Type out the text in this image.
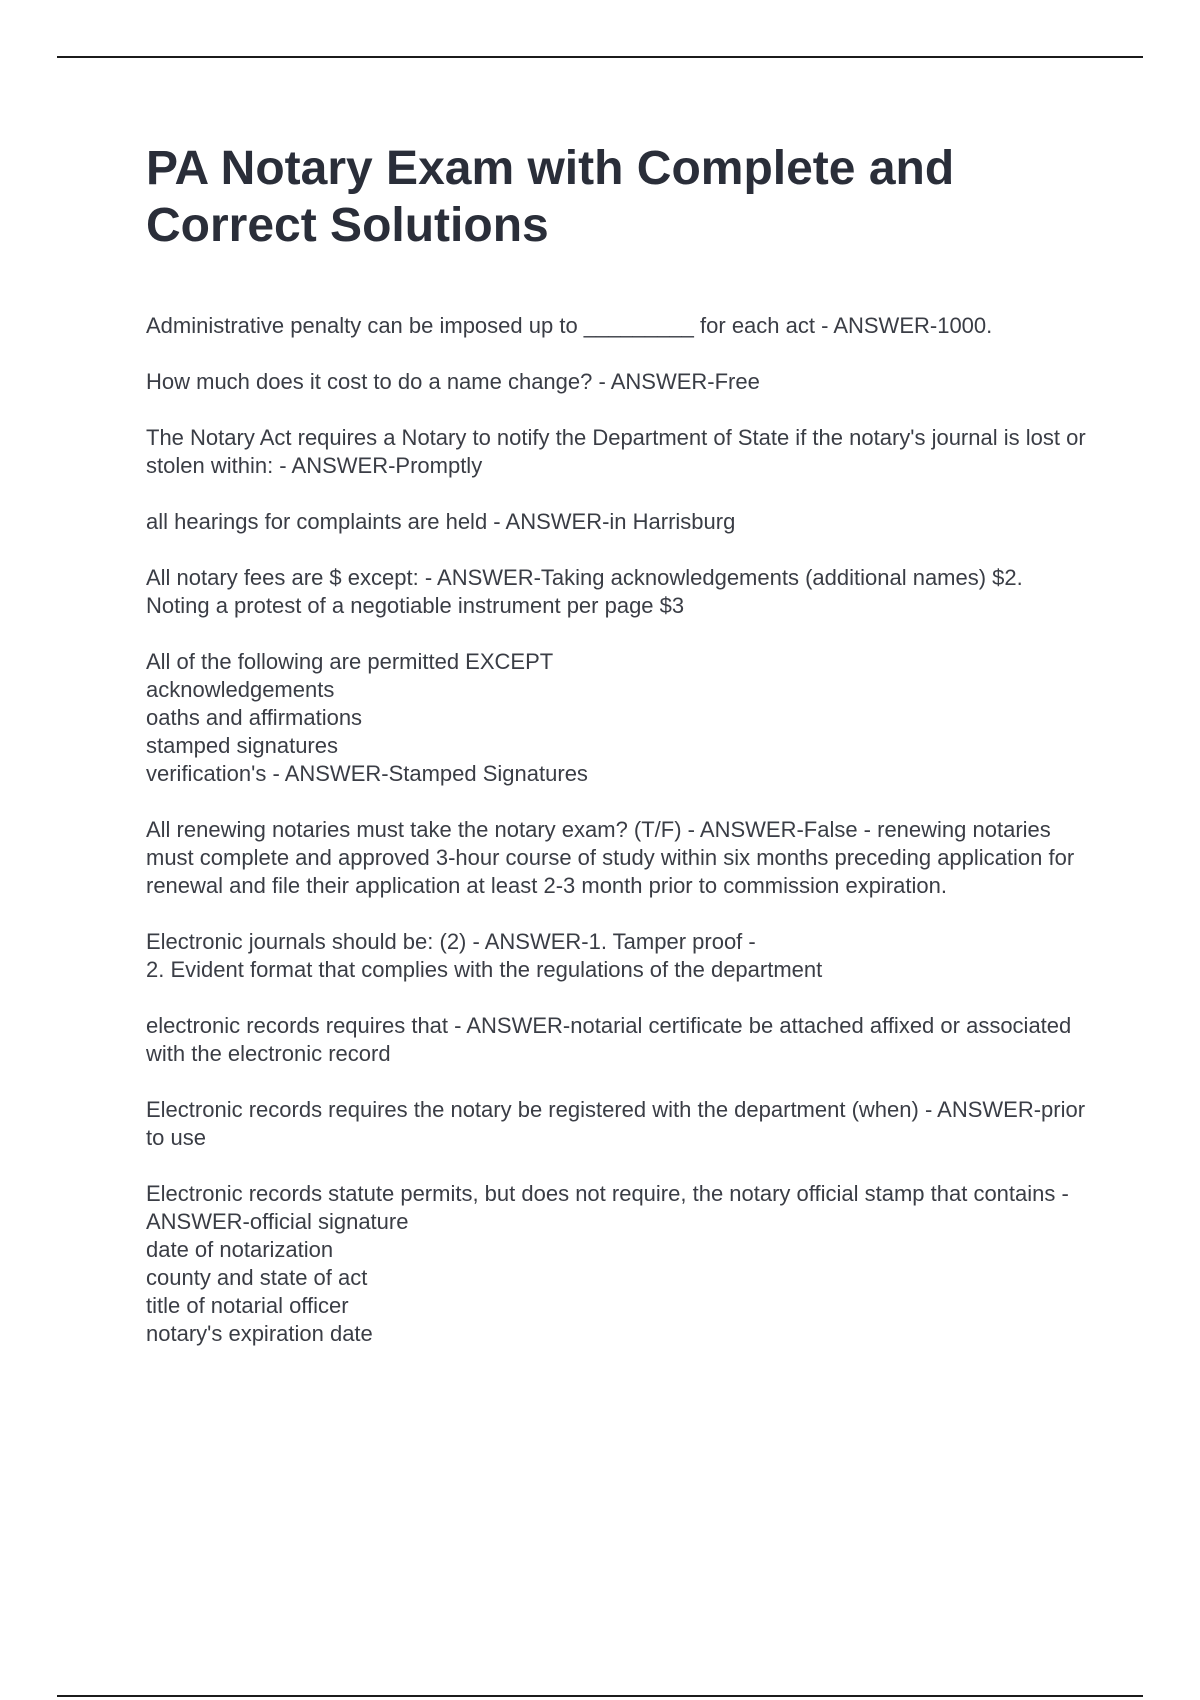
PA Notary Exam with Complete and Correct Solutions

Administrative penalty can be imposed up to _________ for each act - ANSWER-1000.

How much does it cost to do a name change? - ANSWER-Free

The Notary Act requires a Notary to notify the Department of State if the notary's journal is lost or stolen within: - ANSWER-Promptly

all hearings for complaints are held - ANSWER-in Harrisburg

All notary fees are $ except: - ANSWER-Taking acknowledgements (additional names) $2.
Noting a protest of a negotiable instrument per page $3

All of the following are permitted EXCEPT
acknowledgements
oaths and affirmations
stamped signatures
verification's - ANSWER-Stamped Signatures

All renewing notaries must take the notary exam? (T/F) - ANSWER-False - renewing notaries must complete and approved 3-hour course of study within six months preceding application for renewal and file their application at least 2-3 month prior to commission expiration.

Electronic journals should be: (2) - ANSWER-1. Tamper proof -
2. Evident format that complies with the regulations of the department

electronic records requires that - ANSWER-notarial certificate be attached affixed or associated with the electronic record

Electronic records requires the notary be registered with the department (when) - ANSWER-prior to use

Electronic records statute permits, but does not require, the notary official stamp that contains - ANSWER-official signature
date of notarization
county and state of act
title of notarial officer
notary's expiration date
